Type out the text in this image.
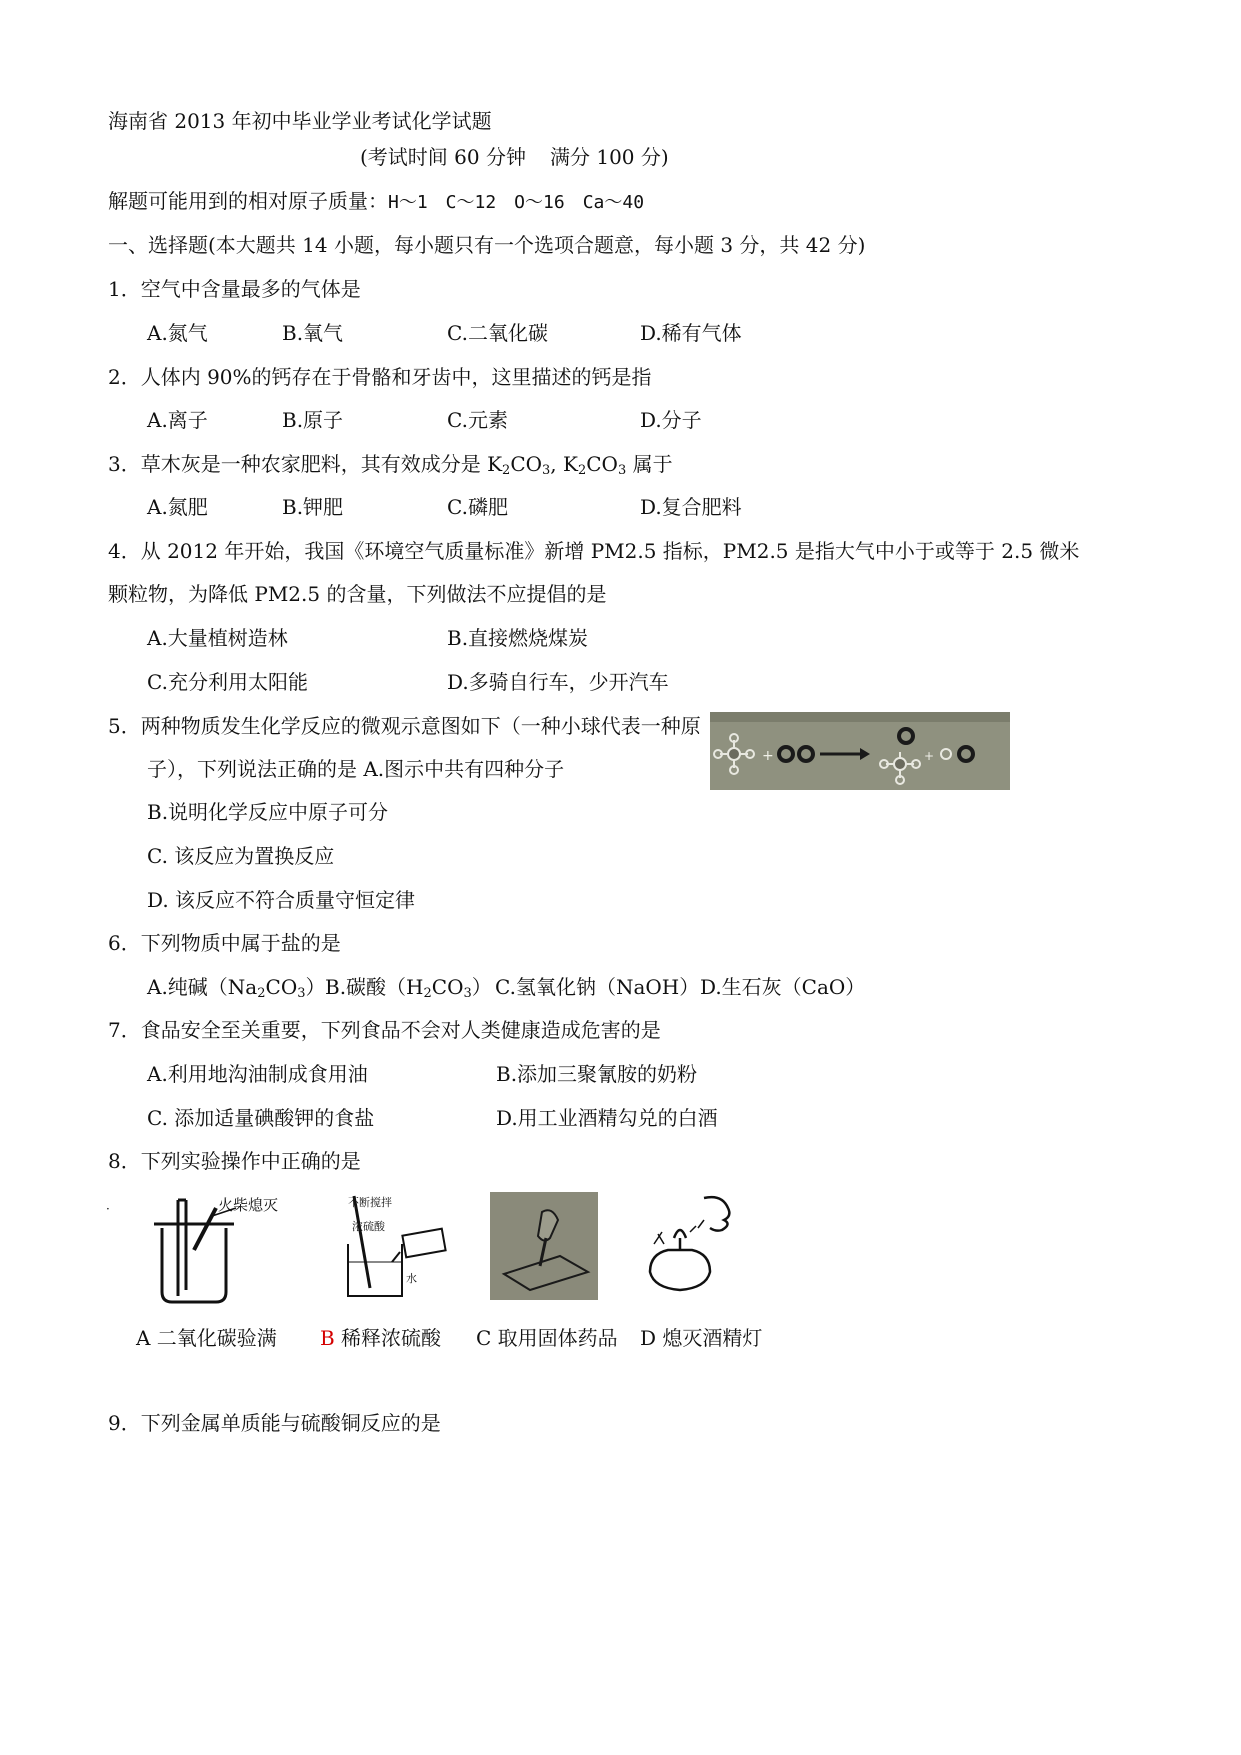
海南省 2013 年初中毕业学业考试化学试题
(考试时间 60 分钟 满分 100 分)
解题可能用到的相对原子质量：H～1　C～12　O～16　Ca～40
一、选择题(本大题共 14 小题，每小题只有一个选项合题意，每小题 3 分，共 42 分)
1．空气中含量最多的气体是
A.氮气	B.氧气	C.二氧化碳	D.稀有气体
2．人体内 90%的钙存在于骨骼和牙齿中，这里描述的钙是指
A.离子	B.原子	C.元素	D.分子
3．草木灰是一种农家肥料，其有效成分是 $K_2CO_3$, $K_2CO_3$ 属于
A.氮肥	B.钾肥	C.磷肥	D.复合肥料
4．从 2012 年开始，我国《环境空气质量标准》新增 PM2.5 指标，PM2.5 是指大气中小于或等于 2.5 微米
颗粒物，为降低 PM2.5 的含量，下列做法不应提倡的是
A.大量植树造林	B.直接燃烧煤炭
C.充分利用太阳能	D.多骑自行车，少开汽车
5．两种物质发生化学反应的微观示意图如下（一种小球代表一种原
子），下列说法正确的是 A.图示中共有四种分子
B.说明化学反应中原子可分
C. 该反应为置换反应
D. 该反应不符合质量守恒定律
+	+
6．下列物质中属于盐的是
A.纯碱$(Na_2CO_3)$ B.碳酸$(H_2CO_3)$ C.氢氧化钠（NaOH） D.生石灰（CaO）
7．食品安全至关重要，下列食品不会对人类健康造成危害的是
A.利用地沟油制成食用油	B.添加三聚氰胺的奶粉
C. 添加适量碘酸钾的食盐	D.用工业酒精勾兑的白酒
8．下列实验操作中正确的是
·	火柴熄灭	不断搅拌
浓硫酸
水
A 二氧化碳验满 B 稀释浓硫酸 C 取用固体药品 D 熄灭酒精灯
9．下列金属单质能与硫酸铜反应的是
